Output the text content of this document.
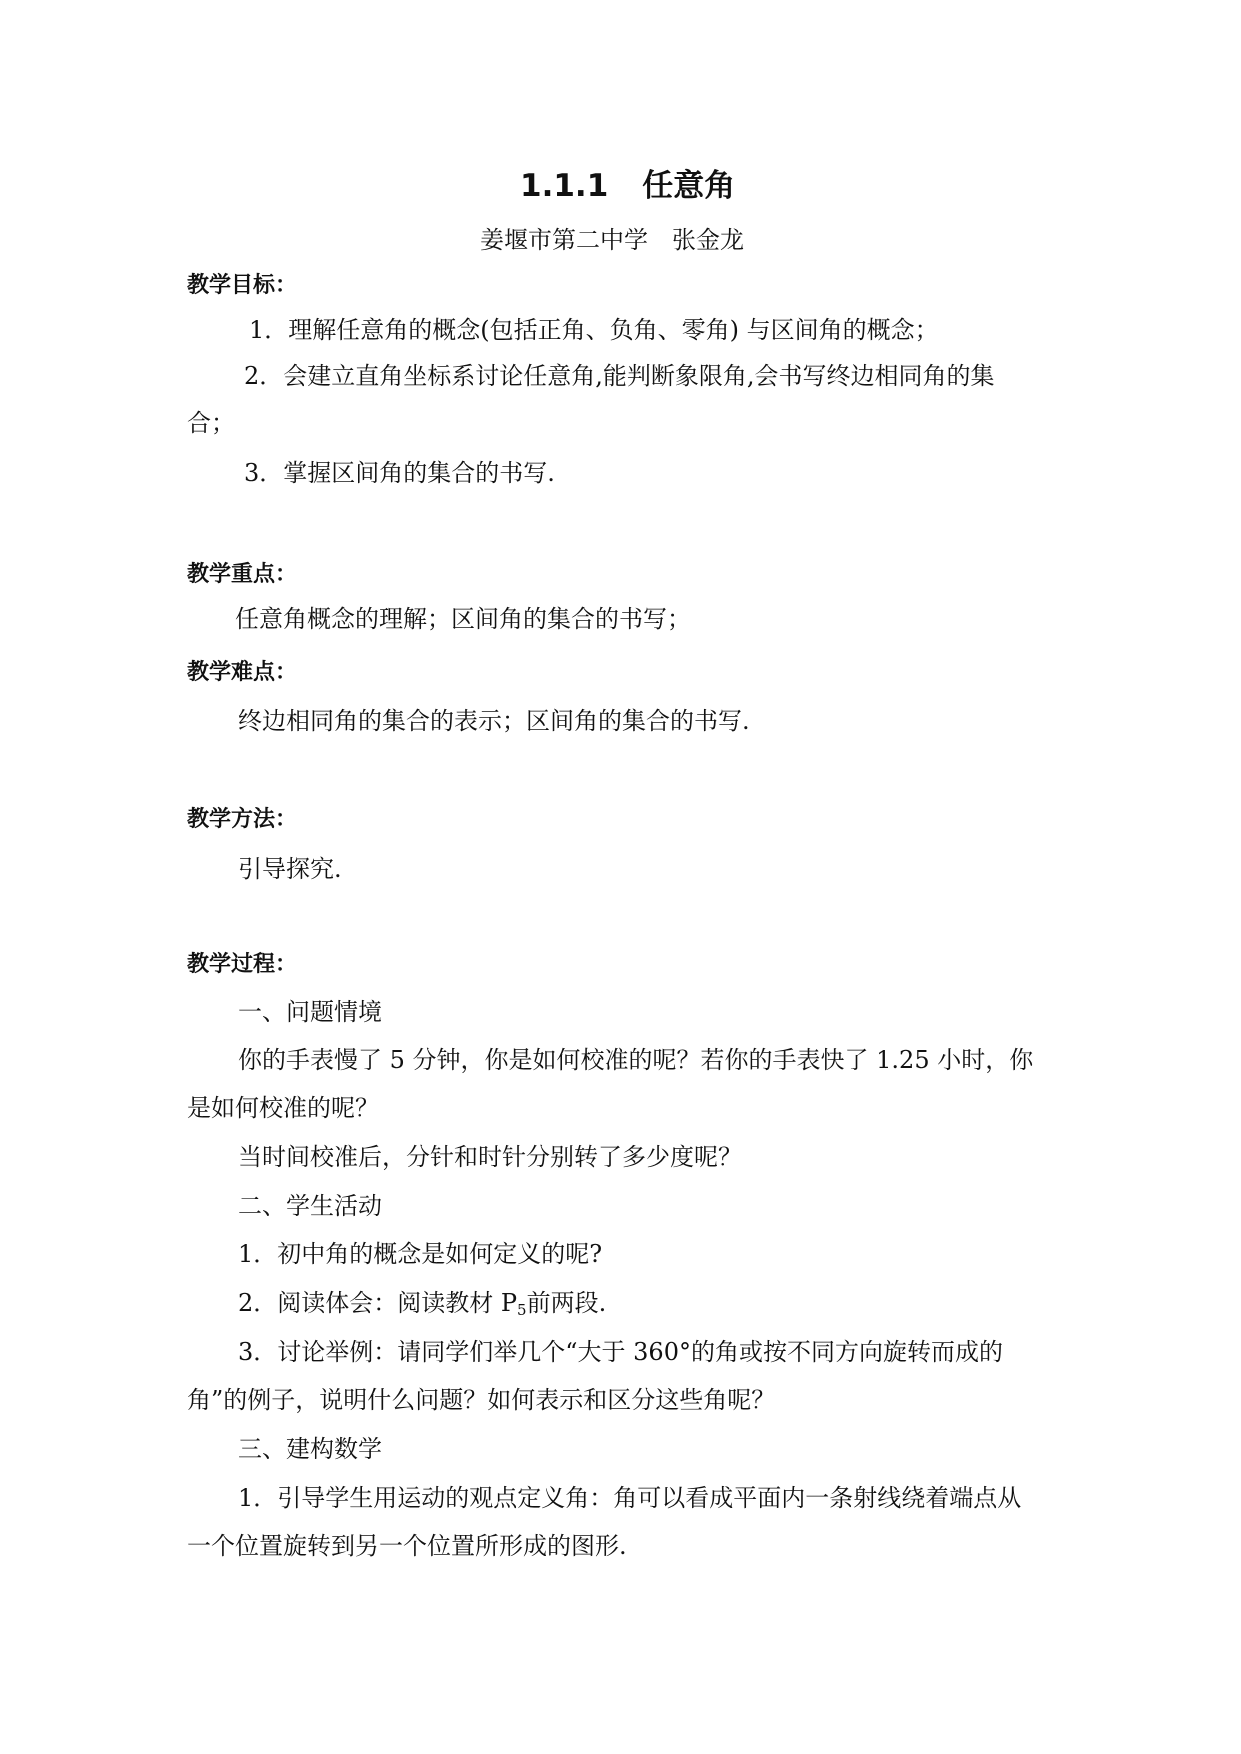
1.1.1 任意角
姜堰市第二中学　张金龙
教学目标：
1．理解任意角的概念(包括正角、负角、零角) 与区间角的概念；
2．会建立直角坐标系讨论任意角,能判断象限角,会书写终边相同角的集
合；
3．掌握区间角的集合的书写.
教学重点：
任意角概念的理解；区间角的集合的书写；
教学难点：
终边相同角的集合的表示；区间角的集合的书写.
教学方法：
引导探究.
教学过程：
一、问题情境
你的手表慢了 5 分钟，你是如何校准的呢？若你的手表快了 1.25 小时，你
是如何校准的呢？
当时间校准后，分针和时针分别转了多少度呢？
二、学生活动
1．初中角的概念是如何定义的呢?
2．阅读体会：阅读教材 $P_5$前两段.
3．讨论举例：请同学们举几个“大于 360°的角或按不同方向旋转而成的
角”的例子，说明什么问题？如何表示和区分这些角呢？
三、建构数学
1．引导学生用运动的观点定义角：角可以看成平面内一条射线绕着端点从
一个位置旋转到另一个位置所形成的图形.
